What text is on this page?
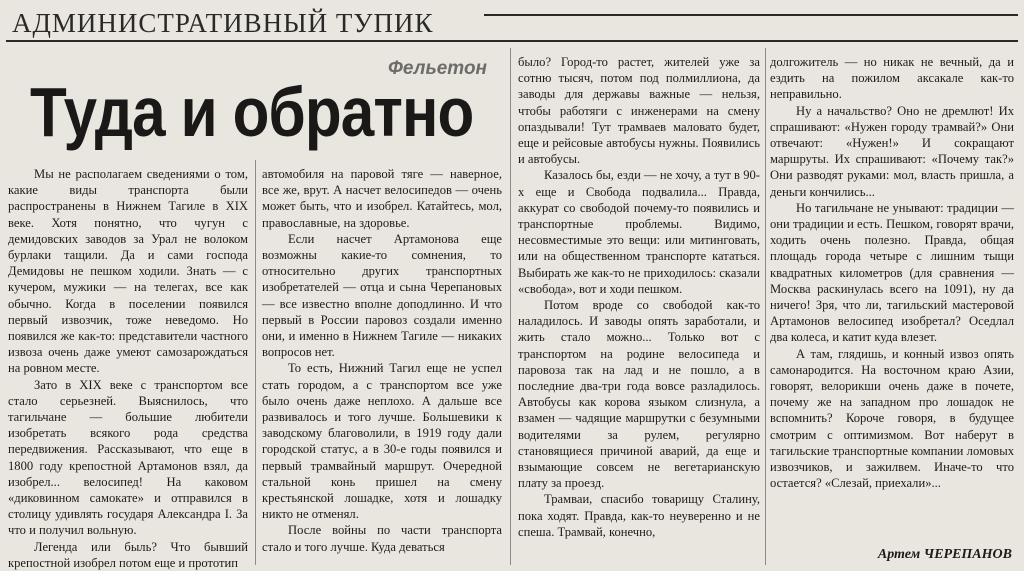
АДМИНИСТРАТИВНЫЙ ТУПИК
Фельетон
Туда и обратно

Мы не располагаем сведениями о том, какие виды транспорта были распространены в Нижнем Тагиле в XIX веке. Хотя понятно, что чугун с демидовских заводов за Урал не волоком бурлаки тащили. Да и сами господа Демидовы не пешком ходили. Знать — с кучером, мужики — на телегах, все как обычно. Когда в поселении появился первый извозчик, тоже неведомо. Но появился же как-то: представители частного извоза очень даже умеют самозарождаться на ровном месте.

Зато в XIX веке с транспортом все стало серьезней. Выяснилось, что тагильчане — большие любители изобретать всякого рода средства передвижения. Рассказывают, что еще в 1800 году крепостной Артамонов взял, да изобрел... велосипед! На каковом «диковинном самокате» и отправился в столицу удивлять государя Александра I. За что и получил вольную.

Легенда или быль? Что бывший крепостной изобрел потом еще и прототип

автомобиля на паровой тяге — наверное, все же, врут. А насчет велосипедов — очень может быть, что и изобрел. Катайтесь, мол, православные, на здоровье.

Если насчет Артамонова еще возможны какие-то сомнения, то относительно других транспортных изобретателей — отца и сына Черепановых — все известно вполне доподлинно. И что первый в России паровоз создали именно они, и именно в Нижнем Тагиле — никаких вопросов нет.

То есть, Нижний Тагил еще не успел стать городом, а с транспортом все уже было очень даже неплохо. А дальше все развивалось и того лучше. Большевики к заводскому благоволили, в 1919 году дали городской статус, а в 30-е годы появился и первый трамвайный маршрут. Очередной стальной конь пришел на смену крестьянской лошадке, хотя и лошадку никто не отменял.

После войны по части транспорта стало и того лучше. Куда деваться

было? Город-то растет, жителей уже за сотню тысяч, потом под полмиллиона, да заводы для державы важные — нельзя, чтобы работяги с инженерами на смену опаздывали! Тут трамваев маловато будет, еще и рейсовые автобусы нужны. Появились и автобусы.

Казалось бы, езди — не хочу, а тут в 90-х еще и Свобода подвалила... Правда, аккурат со свободой почему-то появились и транспортные проблемы. Видимо, несовместимые это вещи: или митинговать, или на общественном транспорте кататься. Выбирать же как-то не приходилось: сказали «свобода», вот и ходи пешком.

Потом вроде со свободой как-то наладилось. И заводы опять заработали, и жить стало можно... Только вот с транспортом на родине велосипеда и паровоза так на лад и не пошло, а в последние два-три года вовсе разладилось. Автобусы как корова языком слизнула, а взамен — чадящие маршрутки с безумными водителями за рулем, регулярно становящиеся причиной аварий, да еще и взымающие совсем не вегетарианскую плату за проезд.

Трамваи, спасибо товарищу Сталину, пока ходят. Правда, как-то неуверенно и не спеша. Трамвай, конечно,

долгожитель — но никак не вечный, да и ездить на пожилом аксакале как-то неправильно.

Ну а начальство? Оно не дремлют! Их спрашивают: «Нужен городу трамвай?» Они отвечают: «Нужен!» И сокращают маршруты. Их спрашивают: «Почему так?» Они разводят руками: мол, власть пришла, а деньги кончились...

Но тагильчане не унывают: традиции — они традиции и есть. Пешком, говорят врачи, ходить очень полезно. Правда, общая площадь города четыре с лишним тыщи квадратных километров (для сравнения — Москва раскинулась всего на 1091), ну да ничего! Зря, что ли, тагильский мастеровой Артамонов велосипед изобретал? Оседлал два колеса, и катит куда влезет.

А там, глядишь, и конный извоз опять самонародится. На восточном краю Азии, говорят, велорикши очень даже в почете, почему же на западном про лошадок не вспомнить? Короче говоря, в будущее смотрим с оптимизмом. Вот наберут в тагильские транспортные компании ломовых извозчиков, и зажилвем. Иначе-то что остается? «Слезай, приехали»...

Артем ЧЕРЕПАНОВ
